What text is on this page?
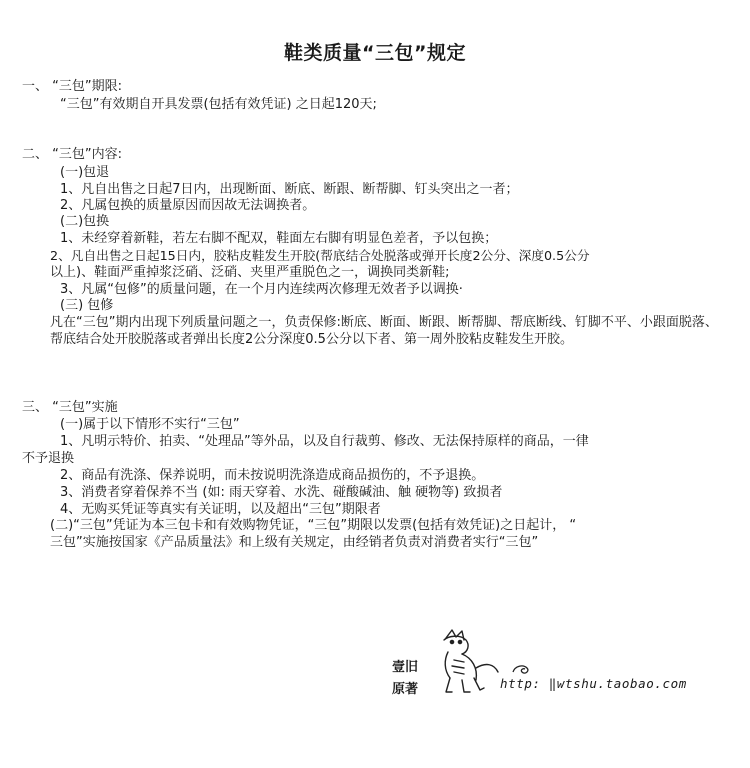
鞋类质量“三包”规定
一、 “三包”期限:
“三包”有效期自开具发票(包括有效凭证) 之日起120天;
二、 “三包”内容:
(一)包退
1、凡自出售之日起7日内，出现断面、断底、断跟、断帮脚、钉头突出之一者；
2、凡属包换的质量原因而因故无法调换者。
(二)包换
1、未经穿着新鞋，若左右脚不配双，鞋面左右脚有明显色差者，予以包换；
2、凡自出售之日起15日内，胶粘皮鞋发生开胶(帮底结合处脱落或弹开长度2公分、深度0.5公分
以上)、鞋面严重掉浆泛硝、泛硝、夹里严重脱色之一，调换同类新鞋;
3、凡属“包修”的质量问题，在一个月内连续两次修理无效者予以调换·
(三) 包修
凡在“三包”期内出现下列质量问题之一，负责保修:断底、断面、断跟、断帮脚、帮底断线、钉脚不平、小跟面脱落、帮底结合处开胶脱落或者弹出长度2公分深度0.5公分以下者、第一周外胶粘皮鞋发生开胶。
三、 “三包”实施
(一)属于以下情形不实行“三包”
1、凡明示特价、拍卖、“处理品”等外品，以及自行裁剪、修改、无法保持原样的商品，一律
不予退换
2、商品有洗涤、保养说明，而未按说明洗涤造成商品损伤的，不予退换。
3、消费者穿着保养不当 (如: 雨天穿着、水洗、碰酸碱油、触 硬物等) 致损者
4、无购买凭证等真实有关证明，以及超出“三包”期限者
(二)“三包”凭证为本三包卡和有效购物凭证，“三包”期限以发票(包括有效凭证)之日起计， “
三包”实施按国家《产品质量法》和上级有关规定，由经销者负责对消费者实行“三包”
壹旧
原著	http: ‖wtshu.taobao.com
